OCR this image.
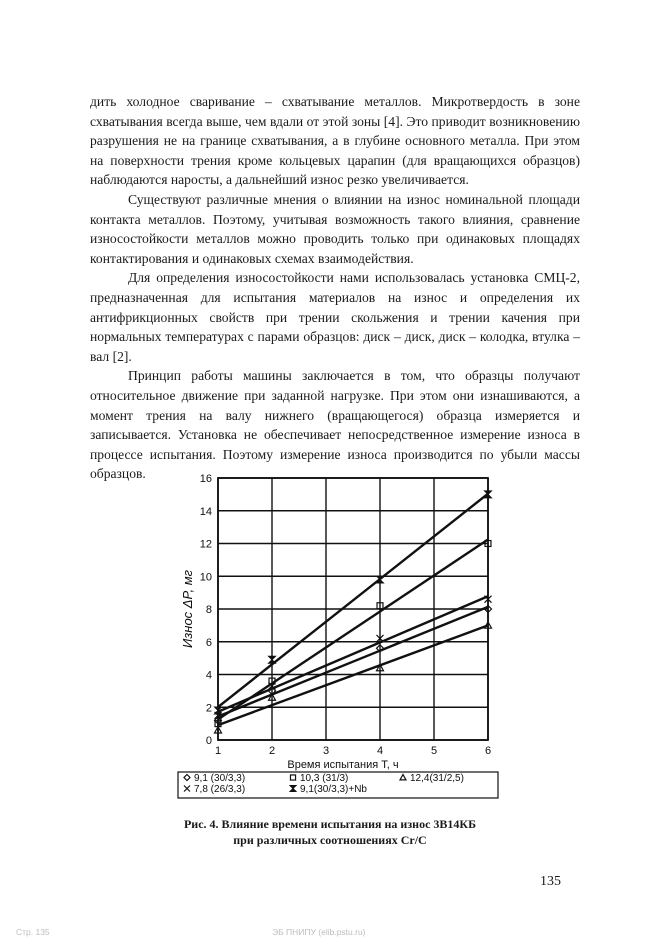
дить холодное сваривание – схватывание металлов. Микротвердость в зоне схватывания всегда выше, чем вдали от этой зоны [4]. Это приводит возникновению разрушения не на границе схватывания, а в глубине основного металла. При этом на поверхности трения кроме кольцевых царапин (для вращающихся образцов) наблюдаются наросты, а дальнейший износ резко увеличивается.

Существуют различные мнения о влиянии на износ номинальной площади контакта металлов. Поэтому, учитывая возможность такого влияния, сравнение износостойкости металлов можно проводить только при одинаковых площадях контактирования и одинаковых схемах взаимодействия.

Для определения износостойкости нами использовалась установка СМЦ-2, предназначенная для испытания материалов на износ и определения их антифрикционных свойств при трении скольжения и трении качения при нормальных температурах с парами образцов: диск – диск, диск – колодка, втулка – вал [2].

Принцип работы машины заключается в том, что образцы получают относительное движение при заданной нагрузке. При этом они изнашиваются, а момент трения на валу нижнего (вращающегося) образца измеряется и записывается. Установка не обеспечивает непосредственное измерение износа в процессе испытания. Поэтому измерение износа производится по убыли массы образцов.

1	2	3	4	5	6
0
2
4
6
8
10
12
14
16
Время испытания T, ч
Износ ΔP, мг
9,1 (30/3,3)	10,3 (31/3)	12,4(31/2,5)
7,8 (26/3,3)	9,1(30/3,3)+Nb
Рис. 4. Влияние времени испытания на износ 3В14КБ
при различных соотношениях Cr/C
135
Стр. 135	ЭБ ПНИПУ (elib.pstu.ru)
